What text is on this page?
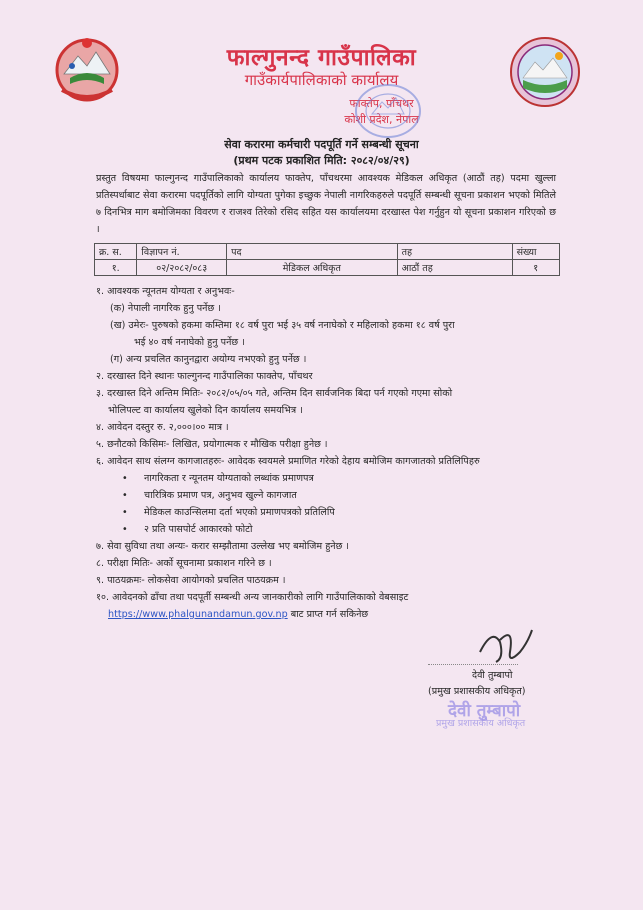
फाल्गुनन्द गाउँपालिका
गाउँकार्यपालिकाको कार्यालय
फाक्तेप, पाँचथर
कोशी प्रदेश, नेपाल
सेवा करारमा कर्मचारी पदपूर्ति गर्ने सम्बन्धी सूचना
(प्रथम पटक प्रकाशित मिति: २०८२/०४/२९)
प्रस्तुत विषयमा फाल्गुनन्द गाउँपालिकाको कार्यालय फाक्तेप, पाँचथरमा आवश्यक मेडिकल अधिकृत (आठौं तह) पदमा खुल्ला प्रतिस्पर्धाबाट सेवा करारमा पदपूर्तिको लागि योग्यता पुगेका इच्छुक नेपाली नागरिकहरुले पदपूर्ति सम्बन्धी सूचना प्रकाशन भएको मितिले ७ दिनभित्र माग बमोजिमका विवरण र राजश्व तिरेको रसिद सहित यस कार्यालयमा दरखास्त पेश गर्नुहुन यो सूचना प्रकाशन गरिएको छ ।
क्र. स.	विज्ञापन नं.	पद	तह	संख्या
१.	०२/२०८२/०८३	मेडिकल अधिकृत	आठौं तह	१

१. आवश्यक न्यूनतम योग्यता र अनुभवः-

(क) नेपाली नागरिक हुनु पर्नेछ ।

(ख) उमेरः- पुरुषको हकमा कम्तिमा १८ वर्ष पुरा भई ३५ वर्ष ननाघेको र महिलाको हकमा १८ वर्ष पुरा

भई ४० वर्ष ननाघेको हुनु पर्नेछ ।

(ग) अन्य प्रचलित कानुनद्वारा अयोग्य नभएको हुनु पर्नेछ ।

२. दरखास्त दिने स्थानः फाल्गुनन्द गाउँपालिका फाक्तेप, पाँचथर

३. दरखास्त दिने अन्तिम मितिः- २०८२/०५/०५ गते, अन्तिम दिन सार्वजनिक बिदा पर्न गएको गएमा सोको

भोलिपल्ट वा कार्यालय खुलेको दिन कार्यालय समयभित्र ।

४. आवेदन दस्तुर रु. २,०००।०० मात्र ।

५. छनौटको किसिमः- लिखित, प्रयोगात्मक र मौखिक परीक्षा हुनेछ ।

६. आवेदन साथ संलग्न कागजातहरुः- आवेदक स्वयमले प्रमाणित गरेको देहाय बमोजिम कागजातको प्रतिलिपिहरु

•	नागरिकता र न्यूनतम योग्यताको लब्धांक प्रमाणपत्र
•	चारित्रिक प्रमाण पत्र, अनुभव खुल्ने कागजात
•	मेडिकल काउन्सिलमा दर्ता भएको प्रमाणपत्रको प्रतिलिपि
•	२ प्रति पासपोर्ट आकारको फोटो

७. सेवा सुविधा तथा अन्यः- करार सम्झौतामा उल्लेख भए बमोजिम हुनेछ ।

८. परीक्षा मितिः- अर्को सूचनामा प्रकाशन गरिने छ ।

९. पाठयक्रमः- लोकसेवा आयोगको प्रचलित पाठयक्रम ।

१०. आवेदनको ढाँचा तथा पदपूर्ती सम्बन्धी अन्य जानकारीको लागि गाउँपालिकाको वेबसाइट

https://www.phalgunandamun.gov.np बाट प्राप्त गर्न सकिनेछ

देवी तुम्बापो
(प्रमुख प्रशासकीय अधिकृत)
देवी तुम्बापो
प्रमुख प्रशासकीय अधिकृत
